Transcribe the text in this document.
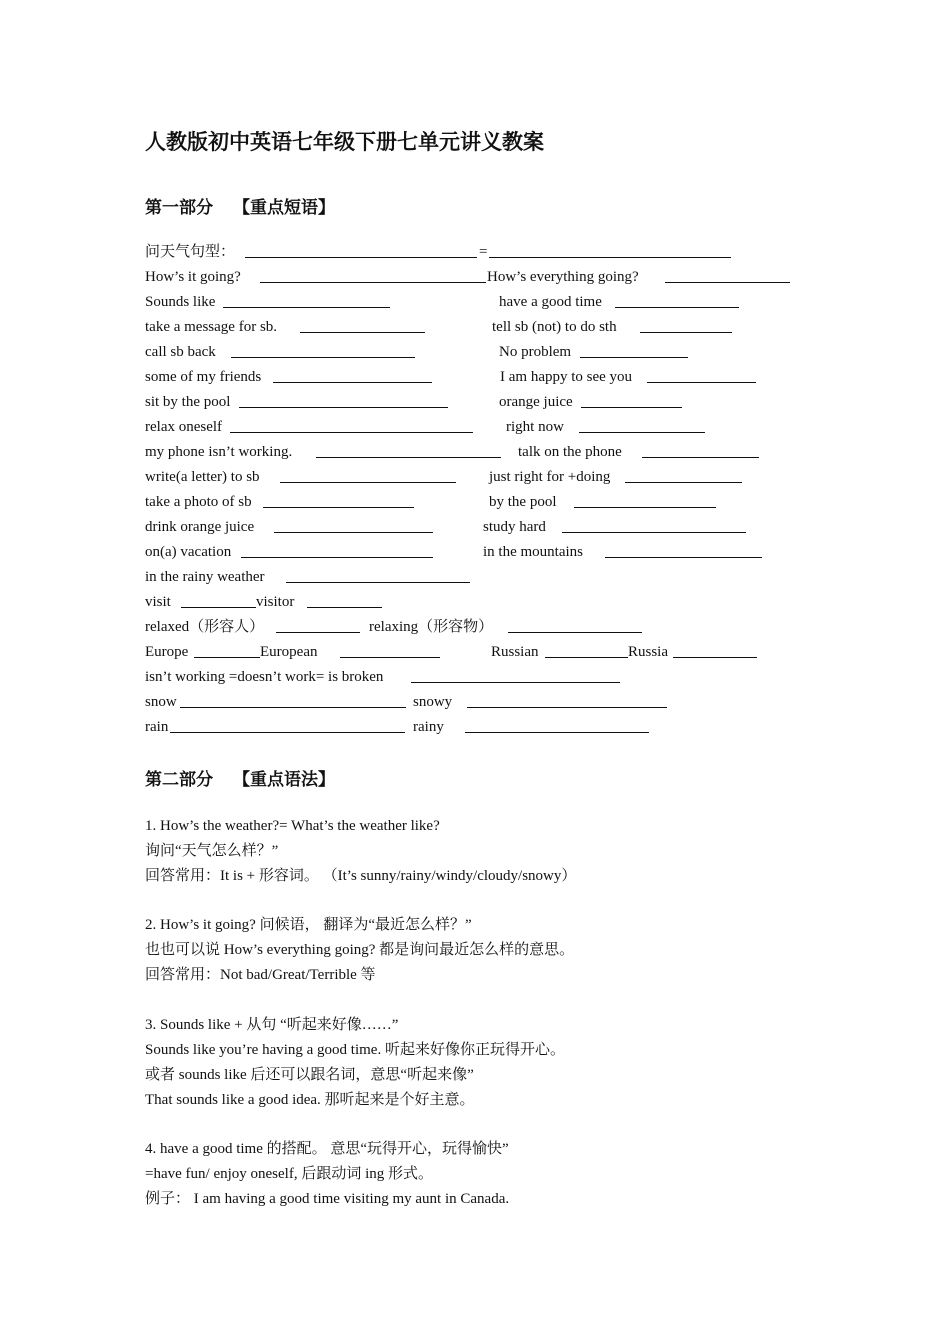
人教版初中英语七年级下册七单元讲义教案
第一部分 【重点短语】
问天气句型：	=
How’s it going?	How’s everything going?
Sounds like	have a good time
take a message for sb.	tell sb (not) to do sth
call sb back	No problem
some of my friends	I am happy to see you
sit by the pool	orange juice
relax oneself	right now
my phone isn’t working.	talk on the phone
write(a letter) to sb	just right for +doing
take a photo of sb	by the pool
drink orange juice	study hard
on(a) vacation	in the mountains
in the rainy weather
visit	visitor
relaxed（形容人）	relaxing（形容物）
Europe	European	Russian	Russia
isn’t working =doesn’t work= is broken
snow	snowy
rain	rainy
第二部分 【重点语法】
1. How’s the weather?= What’s the weather like?
询问“天气怎么样？”
回答常用：It is + 形容词。 （It’s sunny/rainy/windy/cloudy/snowy）
2. How’s it going? 问候语， 翻译为“最近怎么样？”
也也可以说 How’s everything going? 都是询问最近怎么样的意思。
回答常用：Not bad/Great/Terrible 等
3. Sounds like + 从句 “听起来好像……”
Sounds like you’re having a good time. 听起来好像你正玩得开心。
或者 sounds like 后还可以跟名词，意思“听起来像”
That sounds like a good idea. 那听起来是个好主意。
4. have a good time 的搭配。 意思“玩得开心，玩得愉快”
=have fun/ enjoy oneself, 后跟动词 ing 形式。
例子： I am having a good time visiting my aunt in Canada.
